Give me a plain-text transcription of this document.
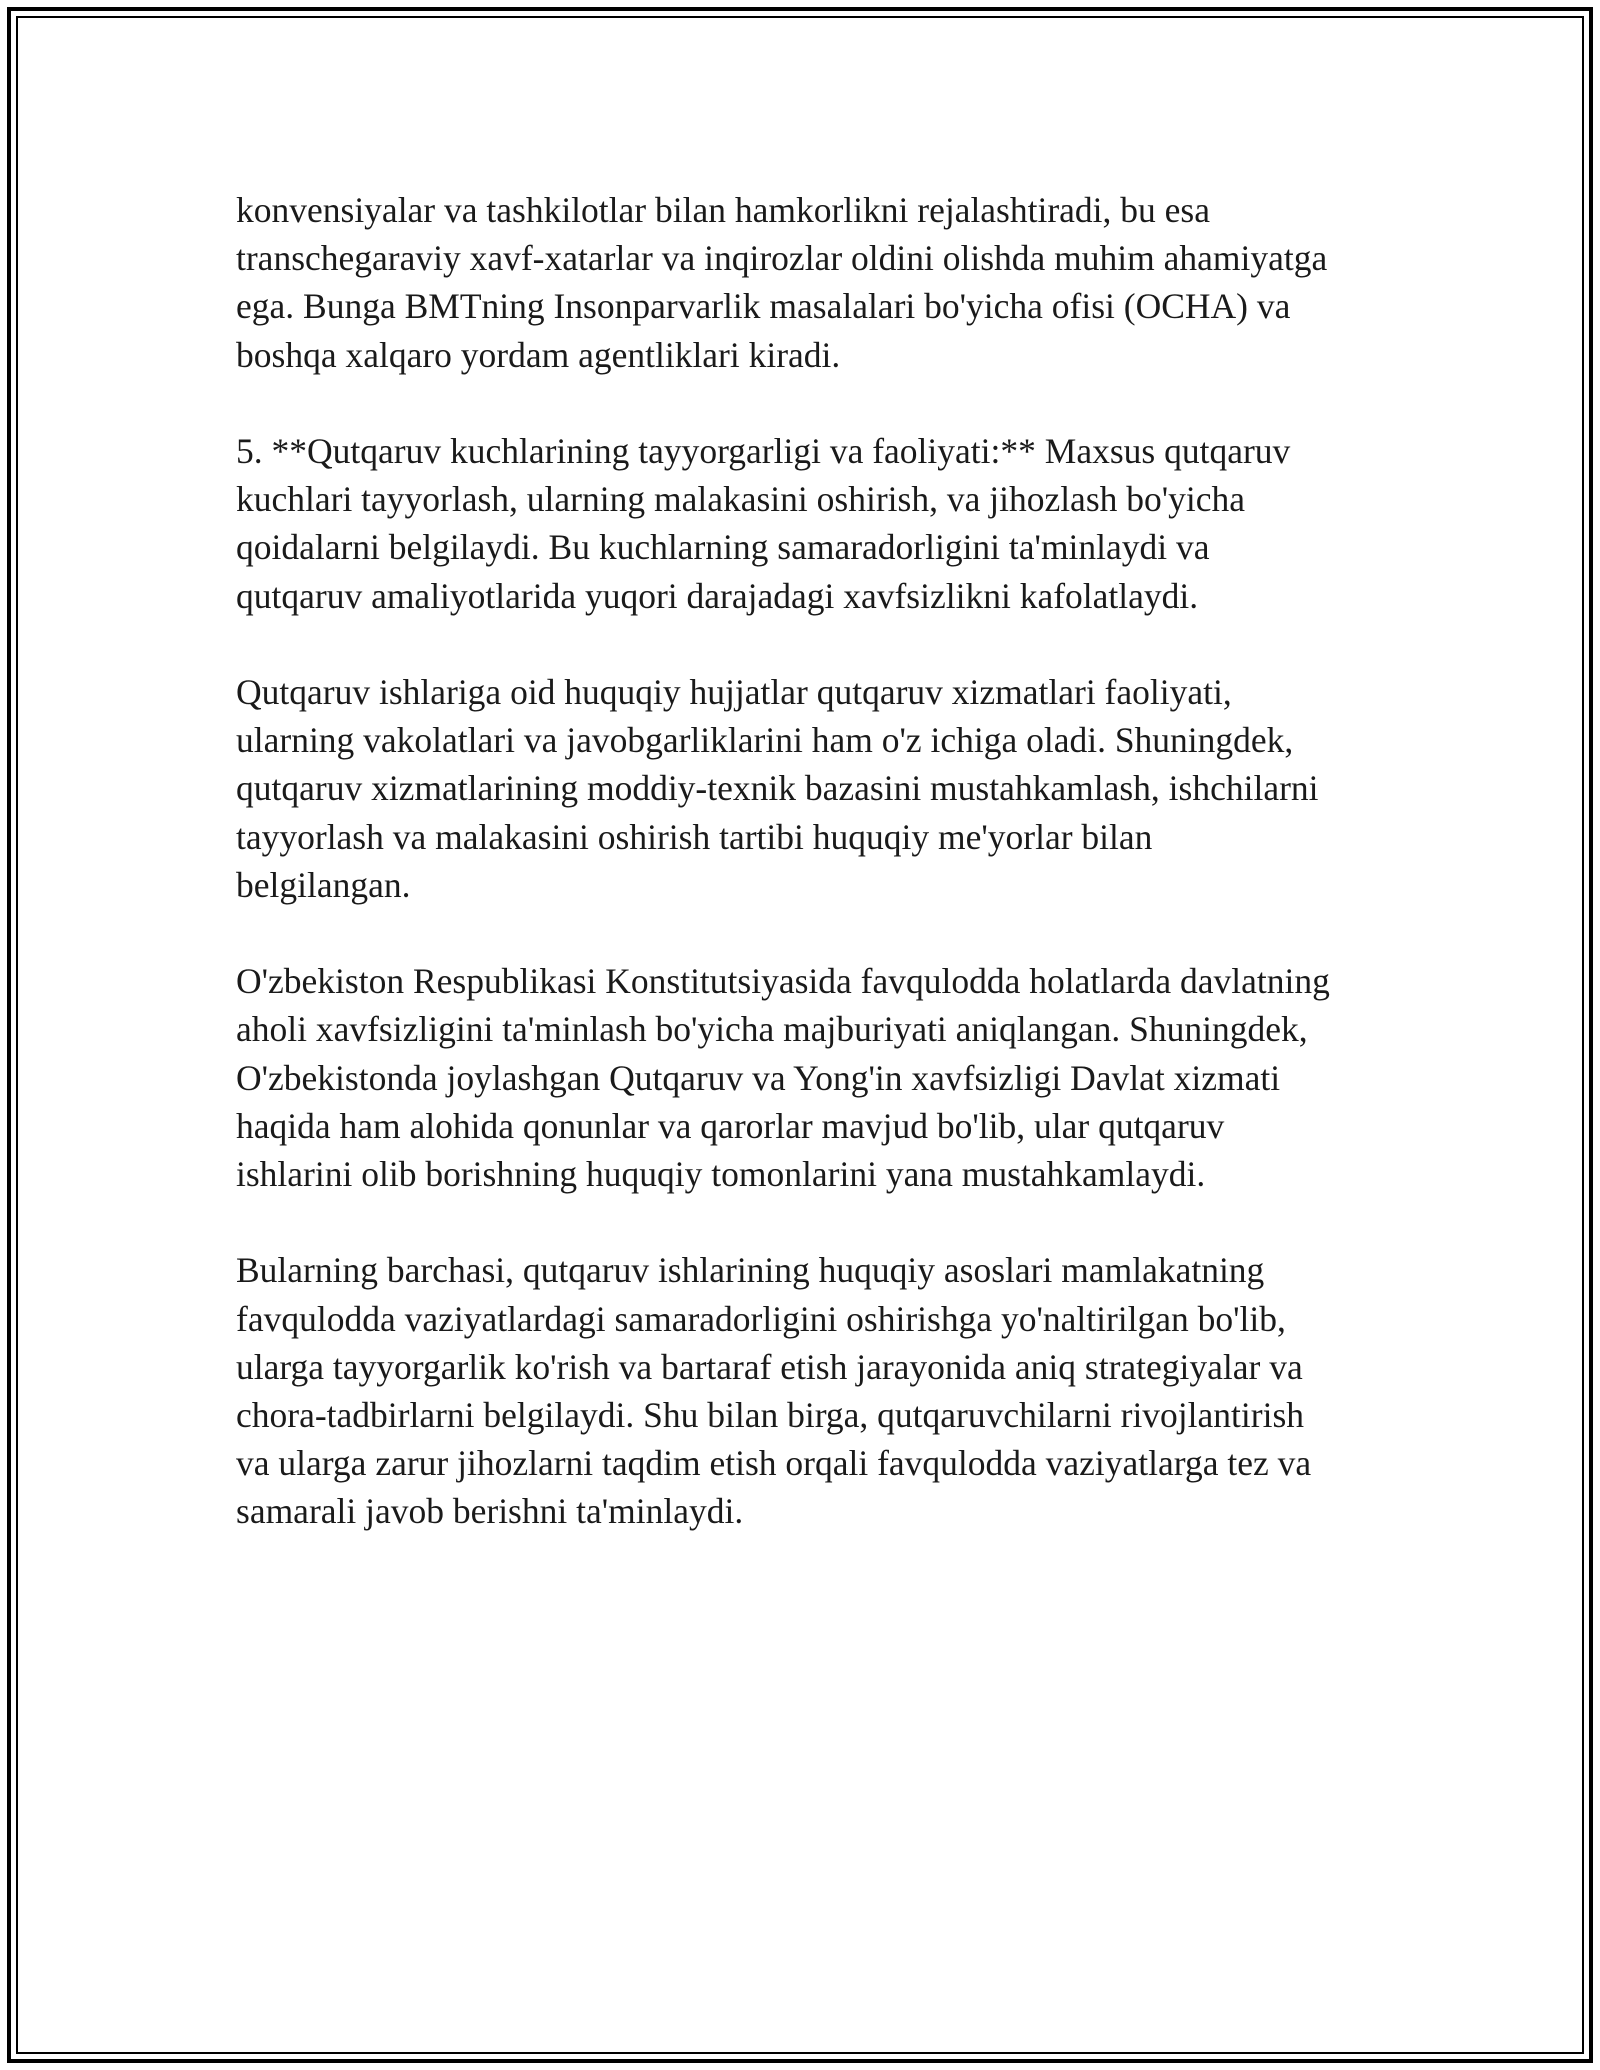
konvensiyalar va tashkilotlar bilan hamkorlikni rejalashtiradi, bu esa
transchegaraviy xavf-xatarlar va inqirozlar oldini olishda muhim ahamiyatga
ega. Bunga BMTning Insonparvarlik masalalari bo'yicha ofisi (OCHA) va
boshqa xalqaro yordam agentliklari kiradi.

5. **Qutqaruv kuchlarining tayyorgarligi va faoliyati:** Maxsus qutqaruv
kuchlari tayyorlash, ularning malakasini oshirish, va jihozlash bo'yicha
qoidalarni belgilaydi. Bu kuchlarning samaradorligini ta'minlaydi va
qutqaruv amaliyotlarida yuqori darajadagi xavfsizlikni kafolatlaydi.

Qutqaruv ishlariga oid huquqiy hujjatlar qutqaruv xizmatlari faoliyati,
ularning vakolatlari va javobgarliklarini ham o'z ichiga oladi. Shuningdek,
qutqaruv xizmatlarining moddiy-texnik bazasini mustahkamlash, ishchilarni
tayyorlash va malakasini oshirish tartibi huquqiy me'yorlar bilan
belgilangan.

O'zbekiston Respublikasi Konstitutsiyasida favqulodda holatlarda davlatning
aholi xavfsizligini ta'minlash bo'yicha majburiyati aniqlangan. Shuningdek,
O'zbekistonda joylashgan Qutqaruv va Yong'in xavfsizligi Davlat xizmati
haqida ham alohida qonunlar va qarorlar mavjud bo'lib, ular qutqaruv
ishlarini olib borishning huquqiy tomonlarini yana mustahkamlaydi.

Bularning barchasi, qutqaruv ishlarining huquqiy asoslari mamlakatning
favqulodda vaziyatlardagi samaradorligini oshirishga yo'naltirilgan bo'lib,
ularga tayyorgarlik ko'rish va bartaraf etish jarayonida aniq strategiyalar va
chora-tadbirlarni belgilaydi. Shu bilan birga, qutqaruvchilarni rivojlantirish
va ularga zarur jihozlarni taqdim etish orqali favqulodda vaziyatlarga tez va
samarali javob berishni ta'minlaydi.
